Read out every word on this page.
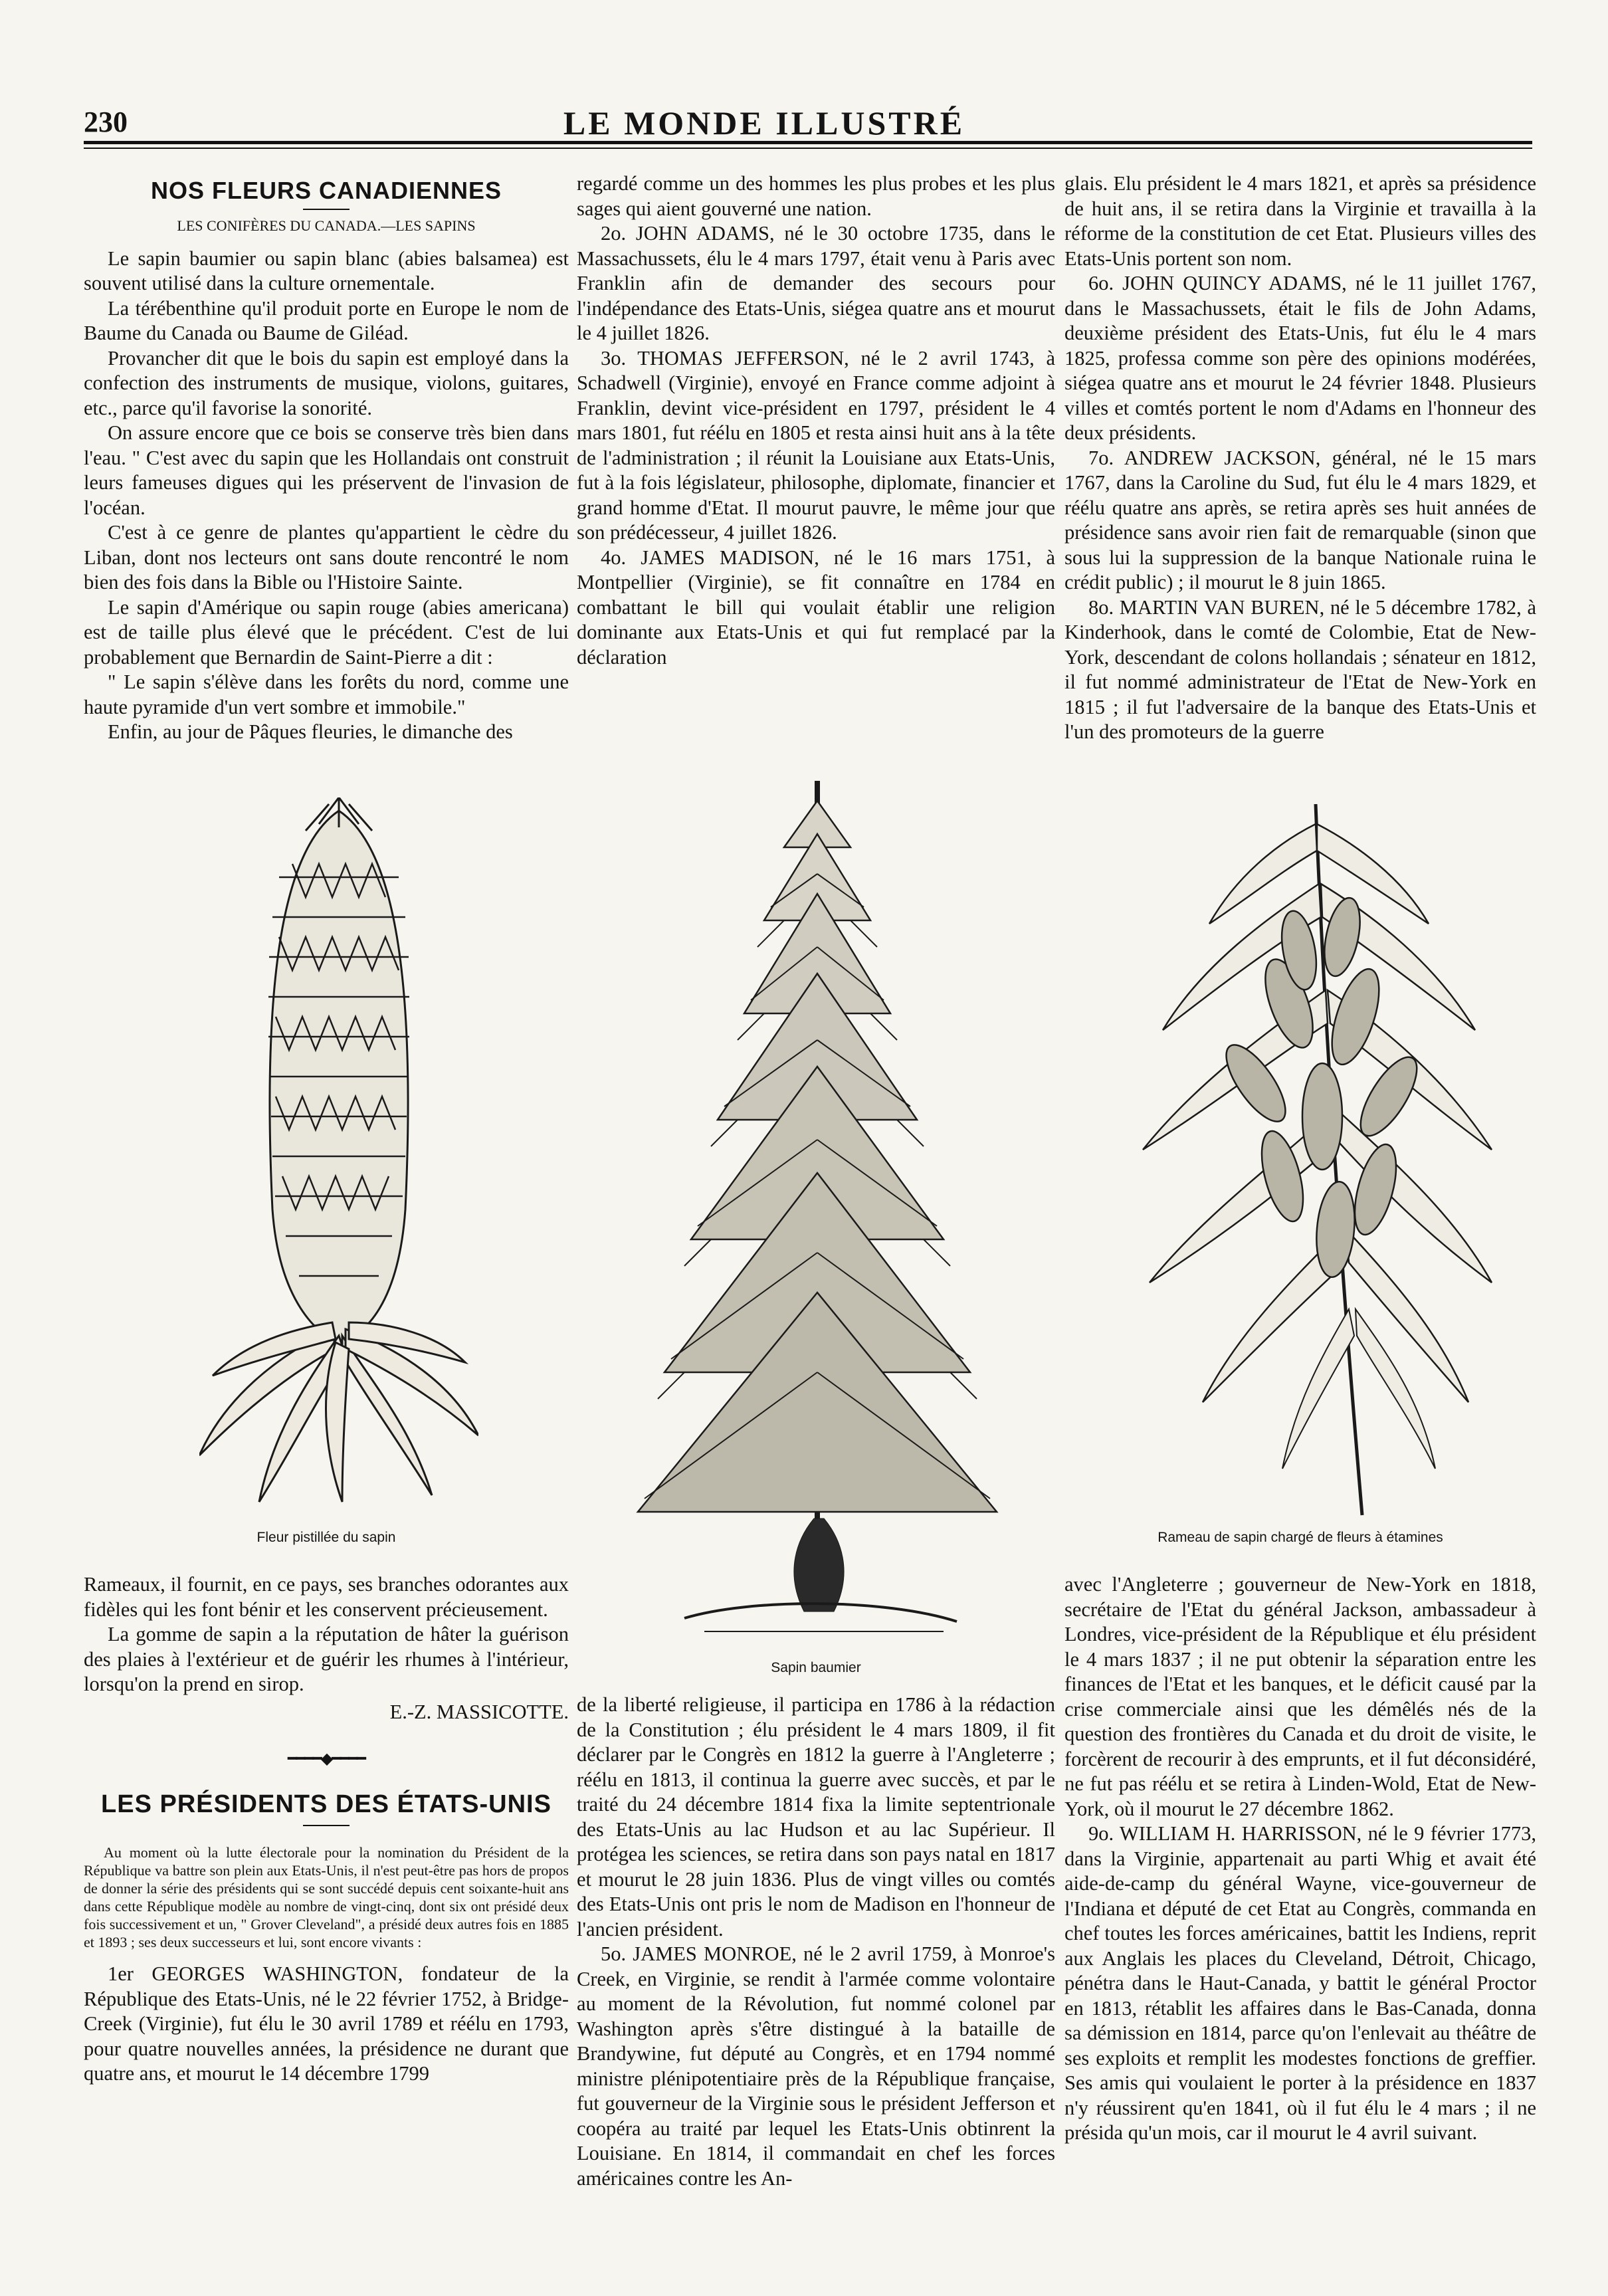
230	LE MONDE ILLUSTRÉ
NOS FLEURS CANADIENNES
LES CONIFÈRES DU CANADA.—LES SAPINS

Le sapin baumier ou sapin blanc (abies balsamea) est souvent utilisé dans la culture ornementale.

La térébenthine qu'il produit porte en Europe le nom de Baume du Canada ou Baume de Giléad.

Provancher dit que le bois du sapin est employé dans la confection des instruments de musique, violons, guitares, etc., parce qu'il favorise la sonorité.

On assure encore que ce bois se conserve très bien dans l'eau. " C'est avec du sapin que les Hollandais ont construit leurs fameuses digues qui les préservent de l'invasion de l'océan.

C'est à ce genre de plantes qu'appartient le cèdre du Liban, dont nos lecteurs ont sans doute rencontré le nom bien des fois dans la Bible ou l'Histoire Sainte.

Le sapin d'Amérique ou sapin rouge (abies americana) est de taille plus élevé que le précédent. C'est de lui probablement que Bernardin de Saint-Pierre a dit :

" Le sapin s'élève dans les forêts du nord, comme une haute pyramide d'un vert sombre et immobile."

Enfin, au jour de Pâques fleuries, le dimanche des

regardé comme un des hommes les plus probes et les plus sages qui aient gouverné une nation.

2o. JOHN ADAMS, né le 30 octobre 1735, dans le Massachussets, élu le 4 mars 1797, était venu à Paris avec Franklin afin de demander des secours pour l'indépendance des Etats-Unis, siégea quatre ans et mourut le 4 juillet 1826.

3o. THOMAS JEFFERSON, né le 2 avril 1743, à Schadwell (Virginie), envoyé en France comme adjoint à Franklin, devint vice-président en 1797, président le 4 mars 1801, fut réélu en 1805 et resta ainsi huit ans à la tête de l'administration ; il réunit la Louisiane aux Etats-Unis, fut à la fois législateur, philosophe, diplomate, financier et grand homme d'Etat. Il mourut pauvre, le même jour que son prédécesseur, 4 juillet 1826.

4o. JAMES MADISON, né le 16 mars 1751, à Montpellier (Virginie), se fit connaître en 1784 en combattant le bill qui voulait établir une religion dominante aux Etats-Unis et qui fut remplacé par la déclaration

glais. Elu président le 4 mars 1821, et après sa présidence de huit ans, il se retira dans la Virginie et travailla à la réforme de la constitution de cet Etat. Plusieurs villes des Etats-Unis portent son nom.

6o. JOHN QUINCY ADAMS, né le 11 juillet 1767, dans le Massachussets, était le fils de John Adams, deuxième président des Etats-Unis, fut élu le 4 mars 1825, professa comme son père des opinions modérées, siégea quatre ans et mourut le 24 février 1848. Plusieurs villes et comtés portent le nom d'Adams en l'honneur des deux présidents.

7o. ANDREW JACKSON, général, né le 15 mars 1767, dans la Caroline du Sud, fut élu le 4 mars 1829, et réélu quatre ans après, se retira après ses huit années de présidence sans avoir rien fait de remarquable (sinon que sous lui la suppression de la banque Nationale ruina le crédit public) ; il mourut le 8 juin 1865.

8o. MARTIN VAN BUREN, né le 5 décembre 1782, à Kinderhook, dans le comté de Colombie, Etat de New-York, descendant de colons hollandais ; sénateur en 1812, il fut nommé administrateur de l'Etat de New-York en 1815 ; il fut l'adversaire de la banque des Etats-Unis et l'un des promoteurs de la guerre

Fleur pistillée du sapin
Sapin baumier
Rameau de sapin chargé de fleurs à étamines

Rameaux, il fournit, en ce pays, ses branches odorantes aux fidèles qui les font bénir et les conservent précieusement.

La gomme de sapin a la réputation de hâter la guérison des plaies à l'extérieur et de guérir les rhumes à l'intérieur, lorsqu'on la prend en sirop.

E.-Z. MASSICOTTE.
━━━━◆━━━━
LES PRÉSIDENTS DES ÉTATS-UNIS
Au moment où la lutte électorale pour la nomination du Président de la République va battre son plein aux Etats-Unis, il n'est peut-être pas hors de propos de donner la série des présidents qui se sont succédé depuis cent soixante-huit ans dans cette République modèle au nombre de vingt-cinq, dont six ont présidé deux fois successivement et un, " Grover Cleveland", a présidé deux autres fois en 1885 et 1893 ; ses deux successeurs et lui, sont encore vivants :

1er GEORGES WASHINGTON, fondateur de la République des Etats-Unis, né le 22 février 1752, à Bridge-Creek (Virginie), fut élu le 30 avril 1789 et réélu en 1793, pour quatre nouvelles années, la présidence ne durant que quatre ans, et mourut le 14 décembre 1799

de la liberté religieuse, il participa en 1786 à la rédaction de la Constitution ; élu président le 4 mars 1809, il fit déclarer par le Congrès en 1812 la guerre à l'Angleterre ; réélu en 1813, il continua la guerre avec succès, et par le traité du 24 décembre 1814 fixa la limite septentrionale des Etats-Unis au lac Hudson et au lac Supérieur. Il protégea les sciences, se retira dans son pays natal en 1817 et mourut le 28 juin 1836. Plus de vingt villes ou comtés des Etats-Unis ont pris le nom de Madison en l'honneur de l'ancien président.

5o. JAMES MONROE, né le 2 avril 1759, à Monroe's Creek, en Virginie, se rendit à l'armée comme volontaire au moment de la Révolution, fut nommé colonel par Washington après s'être distingué à la bataille de Brandywine, fut député au Congrès, et en 1794 nommé ministre plénipotentiaire près de la République française, fut gouverneur de la Virginie sous le président Jefferson et coopéra au traité par lequel les Etats-Unis obtinrent la Louisiane. En 1814, il commandait en chef les forces américaines contre les An-

avec l'Angleterre ; gouverneur de New-York en 1818, secrétaire de l'Etat du général Jackson, ambassadeur à Londres, vice-président de la République et élu président le 4 mars 1837 ; il ne put obtenir la séparation entre les finances de l'Etat et les banques, et le déficit causé par la crise commerciale ainsi que les démêlés nés de la question des frontières du Canada et du droit de visite, le forcèrent de recourir à des emprunts, et il fut déconsidéré, ne fut pas réélu et se retira à Linden-Wold, Etat de New-York, où il mourut le 27 décembre 1862.

9o. WILLIAM H. HARRISSON, né le 9 février 1773, dans la Virginie, appartenait au parti Whig et avait été aide-de-camp du général Wayne, vice-gouverneur de l'Indiana et député de cet Etat au Congrès, commanda en chef toutes les forces américaines, battit les Indiens, reprit aux Anglais les places du Cleveland, Détroit, Chicago, pénétra dans le Haut-Canada, y battit le général Proctor en 1813, rétablit les affaires dans le Bas-Canada, donna sa démission en 1814, parce qu'on l'enlevait au théâtre de ses exploits et remplit les modestes fonctions de greffier. Ses amis qui voulaient le porter à la présidence en 1837 n'y réussirent qu'en 1841, où il fut élu le 4 mars ; il ne présida qu'un mois, car il mourut le 4 avril suivant.
